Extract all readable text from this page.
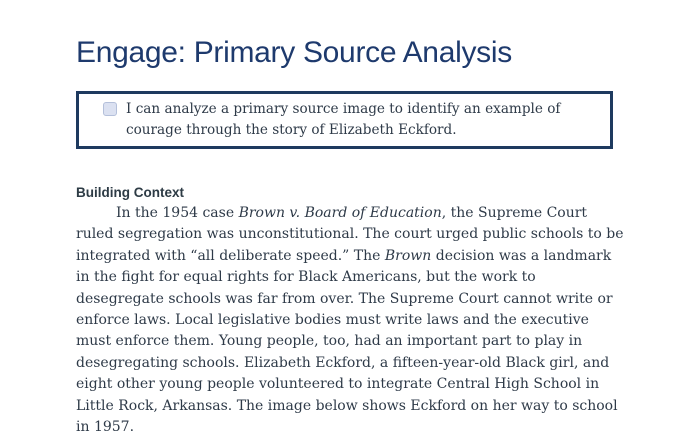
Engage: Primary Source Analysis
I can analyze a primary source image to identify an example of courage through the story of Elizabeth Eckford.
Building Context

In the 1954 case Brown v. Board of Education, the Supreme Court ruled segregation was unconstitutional. The court urged public schools to be integrated with “all deliberate speed.” The Brown decision was a landmark in the fight for equal rights for Black Americans, but the work to desegregate schools was far from over. The Supreme Court cannot write or enforce laws. Local legislative bodies must write laws and the executive must enforce them. Young people, too, had an important part to play in desegregating schools. Elizabeth Eckford, a fifteen-year-old Black girl, and eight other young people volunteered to integrate Central High School in Little Rock, Arkansas. The image below shows Eckford on her way to school in 1957.
